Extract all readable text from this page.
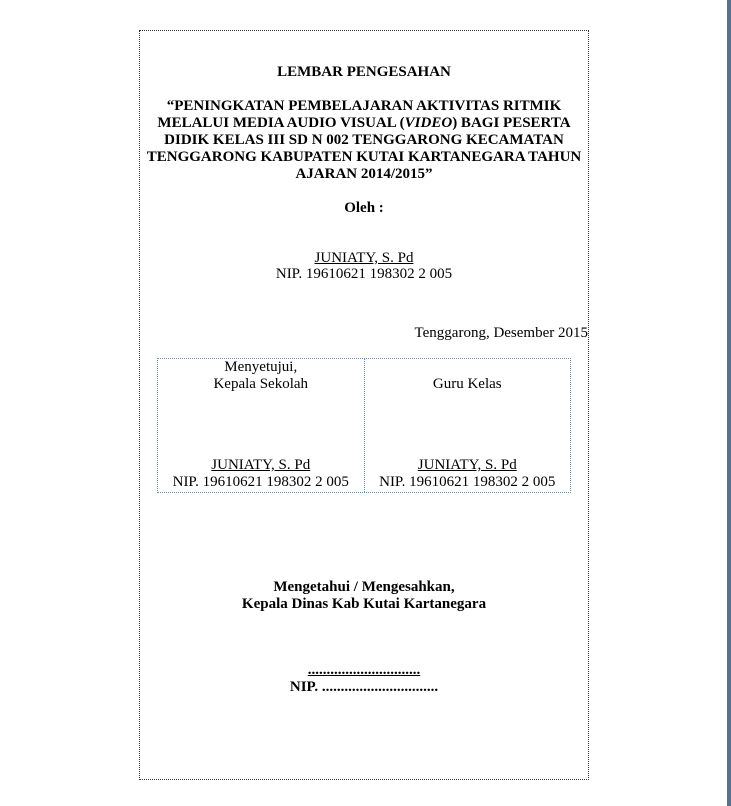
LEMBAR PENGESAHAN
“PENINGKATAN PEMBELAJARAN AKTIVITAS RITMIK
MELALUI MEDIA AUDIO VISUAL (VIDEO) BAGI PESERTA
DIDIK KELAS III SD N 002 TENGGARONG KECAMATAN
TENGGARONG KABUPATEN KUTAI KARTANEGARA TAHUN
AJARAN 2014/2015”
Oleh :
JUNIATY, S. Pd
NIP. 19610621 198302 2 005
Tenggarong, Desember 2015
Menyetujui,
Kepala Sekolah
JUNIATY, S. Pd
NIP. 19610621 198302 2 005
Guru Kelas
JUNIATY, S. Pd
NIP. 19610621 198302 2 005
Mengetahui / Mengesahkan,
Kepala Dinas Kab Kutai Kartanegara
..............................
NIP. ...............................
